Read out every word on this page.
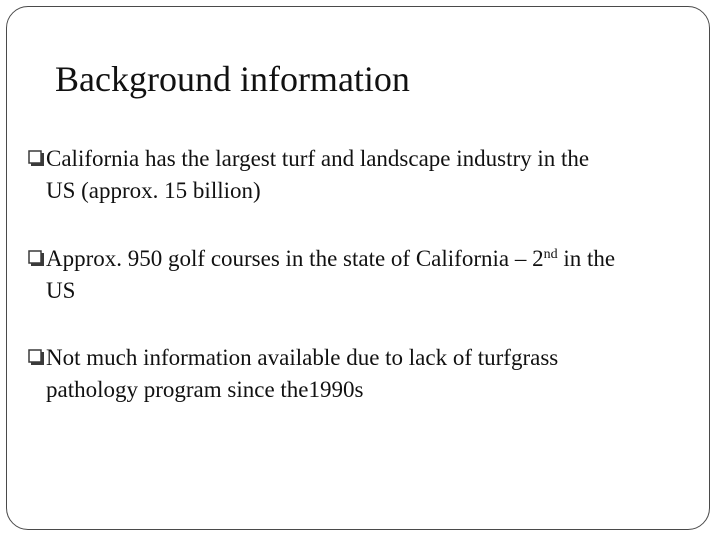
Background information
California has the largest turf and landscape industry in the
US (approx. 15 billion)
Approx. 950 golf courses in the state of California – 2nd in the
US
Not much information available due to lack of turfgrass
pathology program since the1990s
